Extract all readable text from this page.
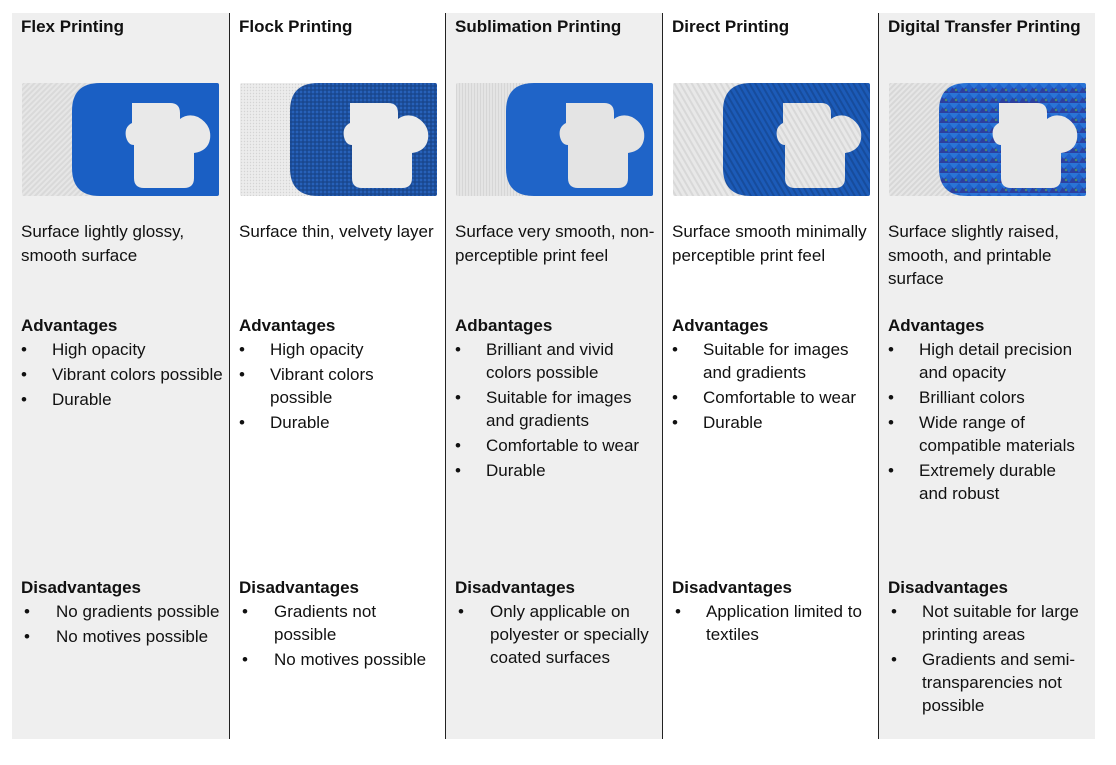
Flex Printing
Surface lightly glossy, smooth surface
Advantages
•	High opacity
•	Vibrant colors possible
•	Durable
Disadvantages
•	No gradients possible
•	No motives possible
Flock Printing
Surface thin, velvety layer
Advantages
•	High opacity
•	Vibrant colors possible
•	Durable
Disadvantages
•	Gradients not possible
•	No motives possible
Sublimation Printing
Surface very smooth, non-perceptible print feel
Adbantages
•	Brilliant and vivid colors possible
•	Suitable for images and gradients
•	Comfortable to wear
•	Durable
Disadvantages
•	Only applicable on polyester or specially coated surfaces
Direct Printing
Surface smooth minimally perceptible print feel
Advantages
•	Suitable for images and gradients
•	Comfortable to wear
•	Durable
Disadvantages
•	Application limited to textiles
Digital Transfer Printing
Surface slightly raised, smooth, and printable surface
Advantages
•	High detail precision and opacity
•	Brilliant colors
•	Wide range of compatible materials
•	Extremely durable and robust
Disadvantages
•	Not suitable for large printing areas
•	Gradients and semi-transparencies not possible
